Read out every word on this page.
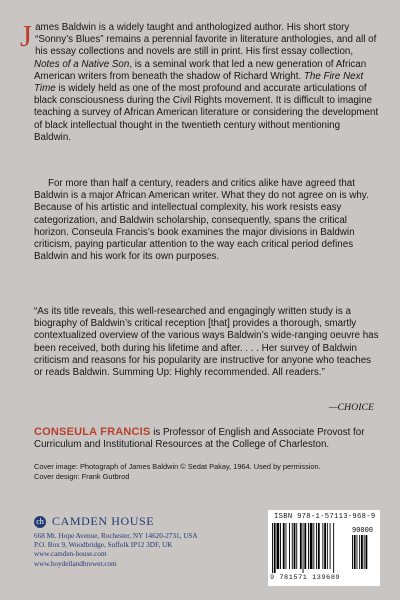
James Baldwin is a widely taught and anthologized author. His short story “Sonny’s Blues” remains a perennial favorite in literature anthologies, and all of his essay collections and novels are still in print. His first essay collection, Notes of a Native Son, is a seminal work that led a new generation of African American writers from beneath the shadow of Richard Wright. The Fire Next Time is widely held as one of the most profound and accurate articulations of black consciousness during the Civil Rights movement. It is difficult to imagine teaching a survey of African American literature or considering the development of black intellectual thought in the twentieth century without mentioning Baldwin.

For more than half a century, readers and critics alike have agreed that Baldwin is a major African American writer. What they do not agree on is why. Because of his artistic and intellectual complexity, his work resists easy categorization, and Baldwin scholarship, consequently, spans the critical horizon. Conseula Francis’s book examines the major divisions in Baldwin criticism, paying particular attention to the way each critical period defines Baldwin and his work for its own purposes.

“As its title reveals, this well-researched and engagingly written study is a biography of Baldwin’s critical reception [that] provides a thorough, smartly contextualized overview of the various ways Baldwin’s wide-ranging oeuvre has been received, both during his lifetime and after. . . . Her survey of Baldwin criticism and reasons for his popularity are instructive for anyone who teaches or reads Baldwin. Summing Up: Highly recommended. All readers.”

—CHOICE

CONSEULA FRANCIS is Professor of English and Associate Provost for Curriculum and Institutional Resources at the College of Charleston.

Cover image: Photograph of James Baldwin © Sedat Pakay, 1964. Used by permission.
Cover design: Frank Gutbrod
ch CAMDEN HOUSE
668 Mt. Hope Avenue, Rochester, NY 14620-2731, USA
P.O. Box 9, Woodbridge, Suffolk IP12 3DF, UK
www.camden-house.com
www.boydellandbrewer.com
ISBN 978-1-57113-968-9
90000
9 781571 139689
